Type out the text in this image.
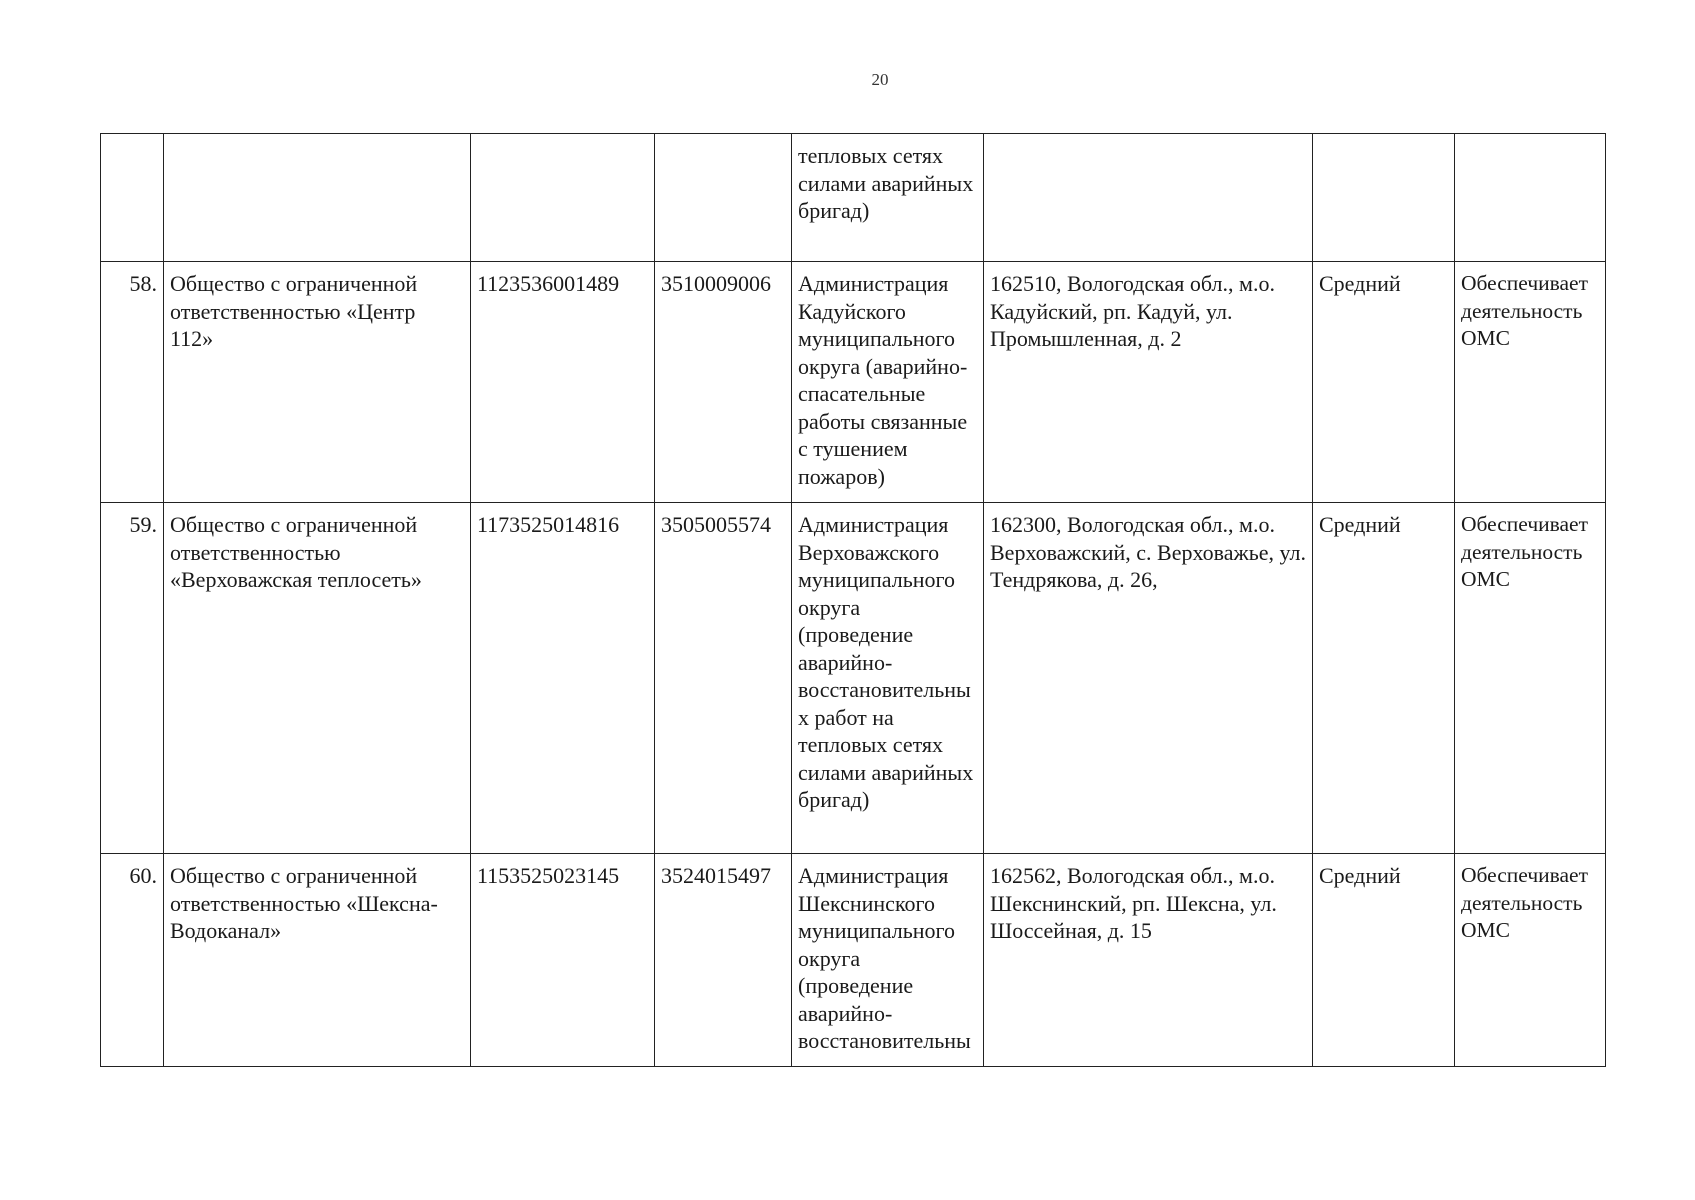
20
				тепловых сетях силами аварийных бригад)			
58.	Общество с ограниченной ответственностью «Центр 112»	1123536001489	3510009006	Администрация Кадуйского муниципального округа (аварийно-спасательные работы связанные с тушением пожаров)	162510, Вологодская обл., м.о. Кадуйский, рп. Кадуй, ул. Промышленная, д. 2	Средний	Обеспечивает деятельность ОМС
59.	Общество с ограниченной ответственностью «Верховажская теплосеть»	1173525014816	3505005574	Администрация Верховажского муниципального округа (проведение аварийно-восстановительных работ на тепловых сетях силами аварийных бригад)	162300, Вологодская обл., м.о. Верховажский, с. Верховажье, ул. Тендрякова, д. 26,	Средний	Обеспечивает деятельность ОМС
60.	Общество с ограниченной ответственностью «Шексна-Водоканал»	1153525023145	3524015497	Администрация Шекснинского муниципального округа (проведение аварийно-восстановительны	162562, Вологодская обл., м.о. Шекснинский, рп. Шексна, ул. Шоссейная, д. 15	Средний	Обеспечивает деятельность ОМС
